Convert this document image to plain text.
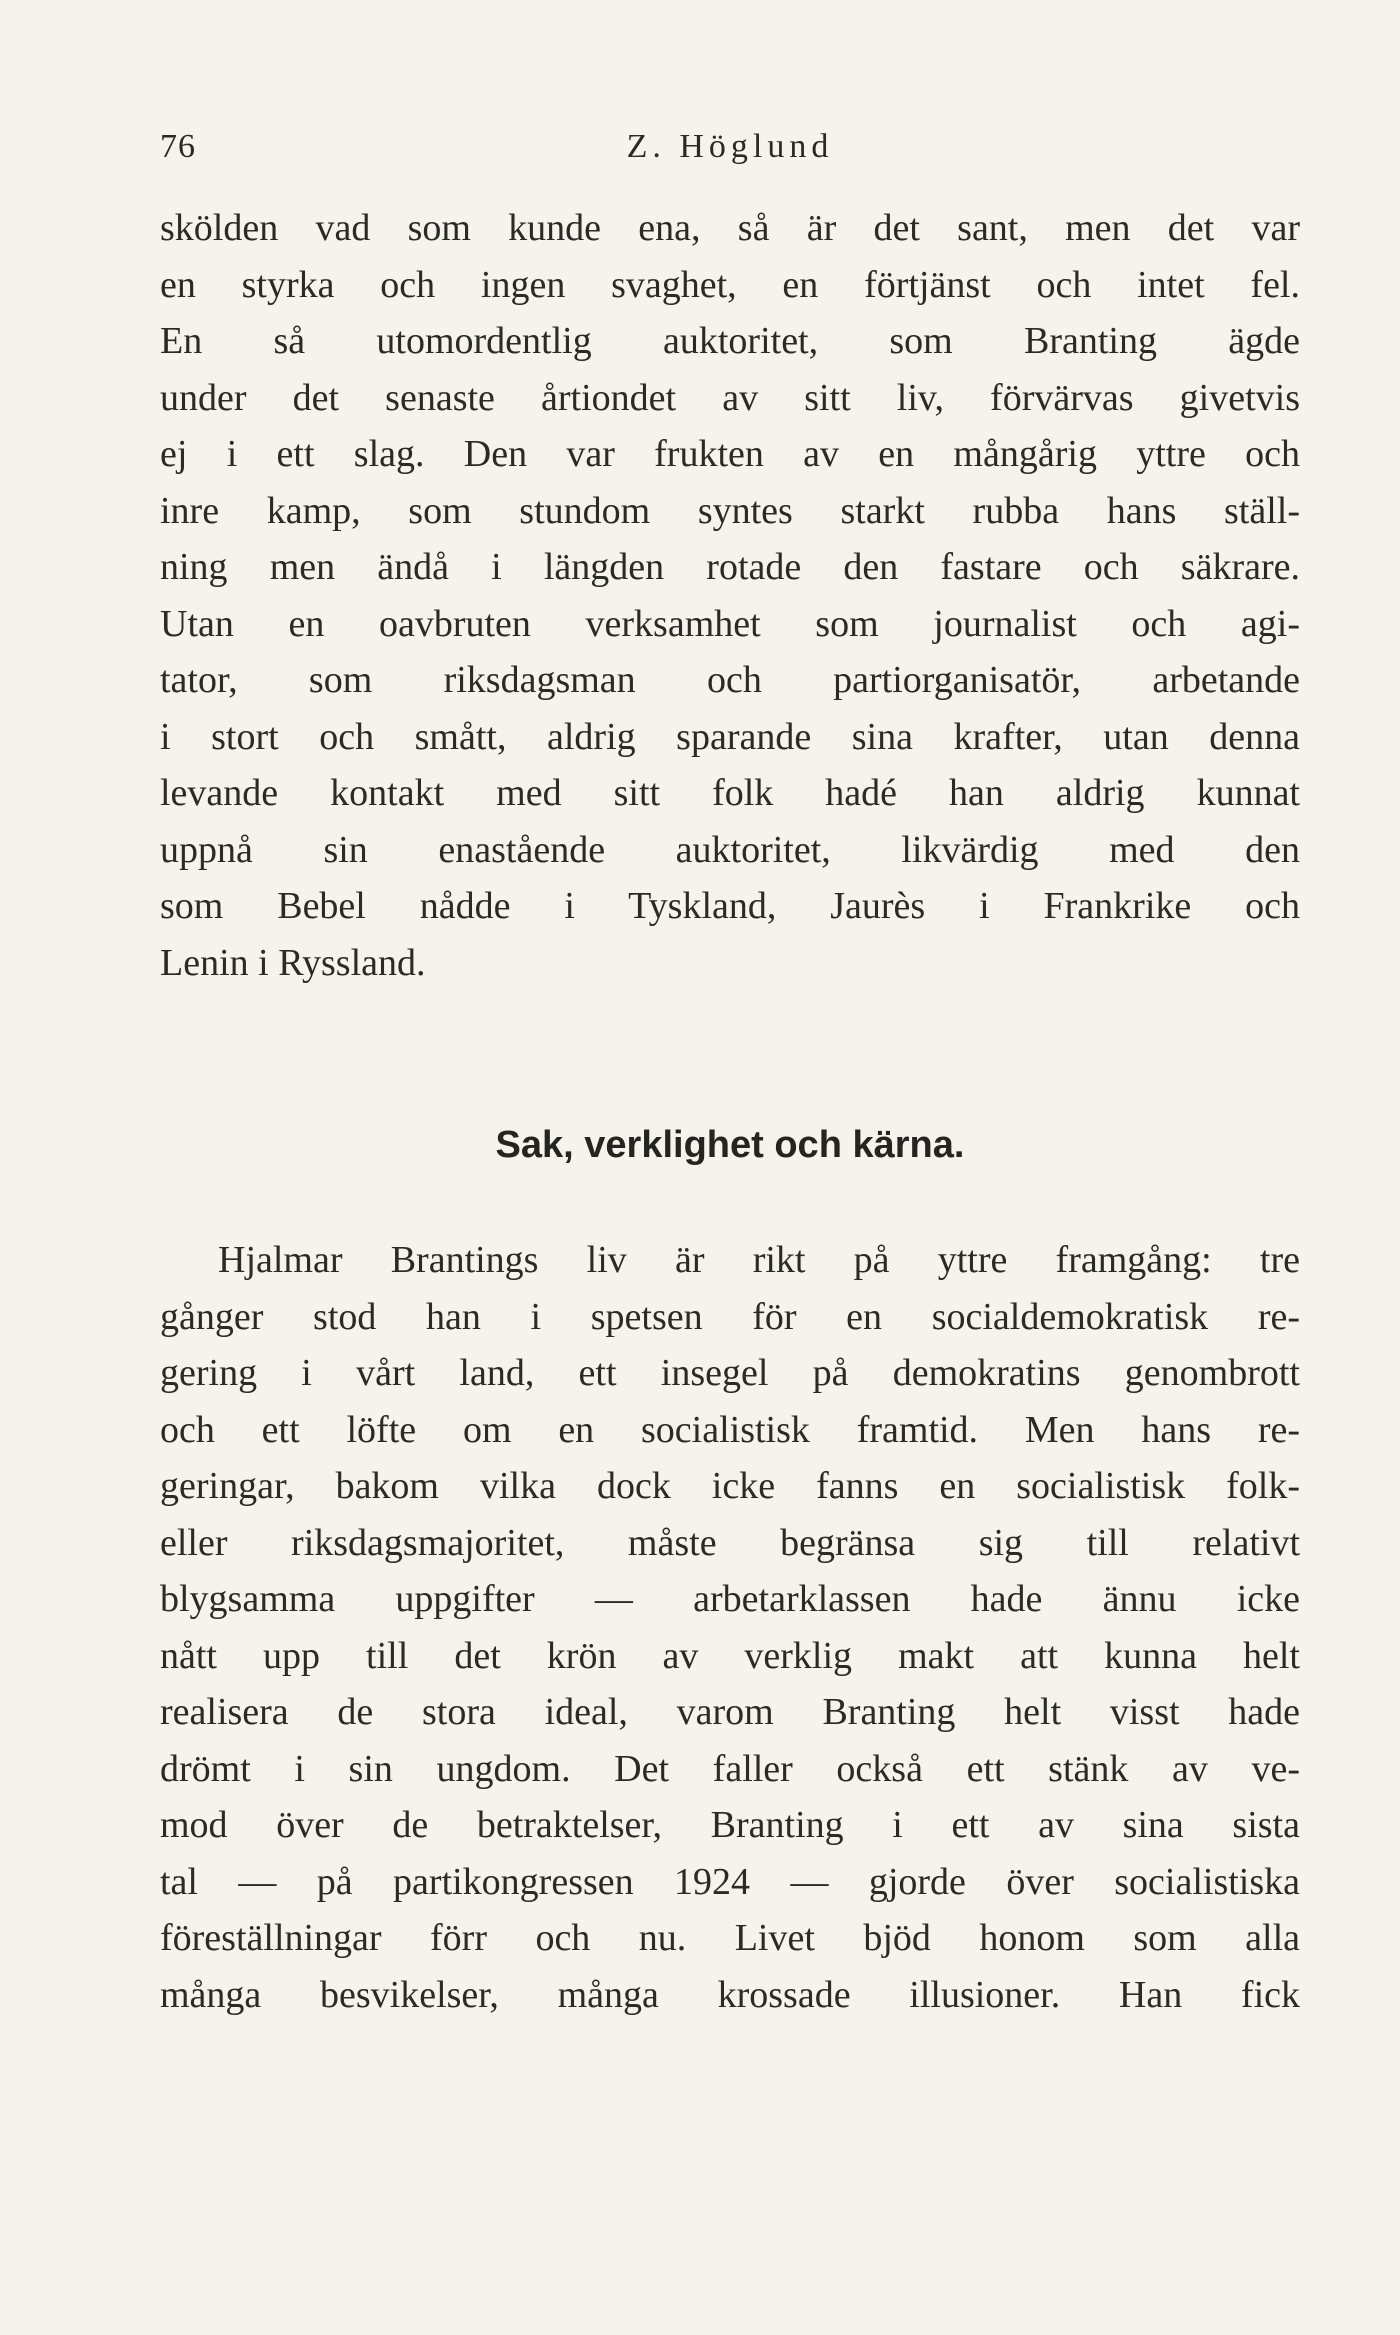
76	Z. Höglund
skölden vad som kunde ena, så är det sant, men det var
en styrka och ingen svaghet, en förtjänst och intet fel.
En så utomordentlig auktoritet, som Branting ägde
under det senaste årtiondet av sitt liv, förvärvas givetvis
ej i ett slag. Den var frukten av en mångårig yttre och
inre kamp, som stundom syntes starkt rubba hans ställ-
ning men ändå i längden rotade den fastare och säkrare.
Utan en oavbruten verksamhet som journalist och agi-
tator, som riksdagsman och partiorganisatör, arbetande
i stort och smått, aldrig sparande sina krafter, utan denna
levande kontakt med sitt folk hadé han aldrig kunnat
uppnå sin enastående auktoritet, likvärdig med den
som Bebel nådde i Tyskland, Jaurès i Frankrike och
Lenin i Ryssland.
Sak, verklighet och kärna.
Hjalmar Brantings liv är rikt på yttre framgång: tre
gånger stod han i spetsen för en socialdemokratisk re-
gering i vårt land, ett insegel på demokratins genombrott
och ett löfte om en socialistisk framtid. Men hans re-
geringar, bakom vilka dock icke fanns en socialistisk folk-
eller riksdagsmajoritet, måste begränsa sig till relativt
blygsamma uppgifter — arbetarklassen hade ännu icke
nått upp till det krön av verklig makt att kunna helt
realisera de stora ideal, varom Branting helt visst hade
drömt i sin ungdom. Det faller också ett stänk av ve-
mod över de betraktelser, Branting i ett av sina sista
tal — på partikongressen 1924 — gjorde över socialistiska
föreställningar förr och nu. Livet bjöd honom som alla
många besvikelser, många krossade illusioner. Han fick
